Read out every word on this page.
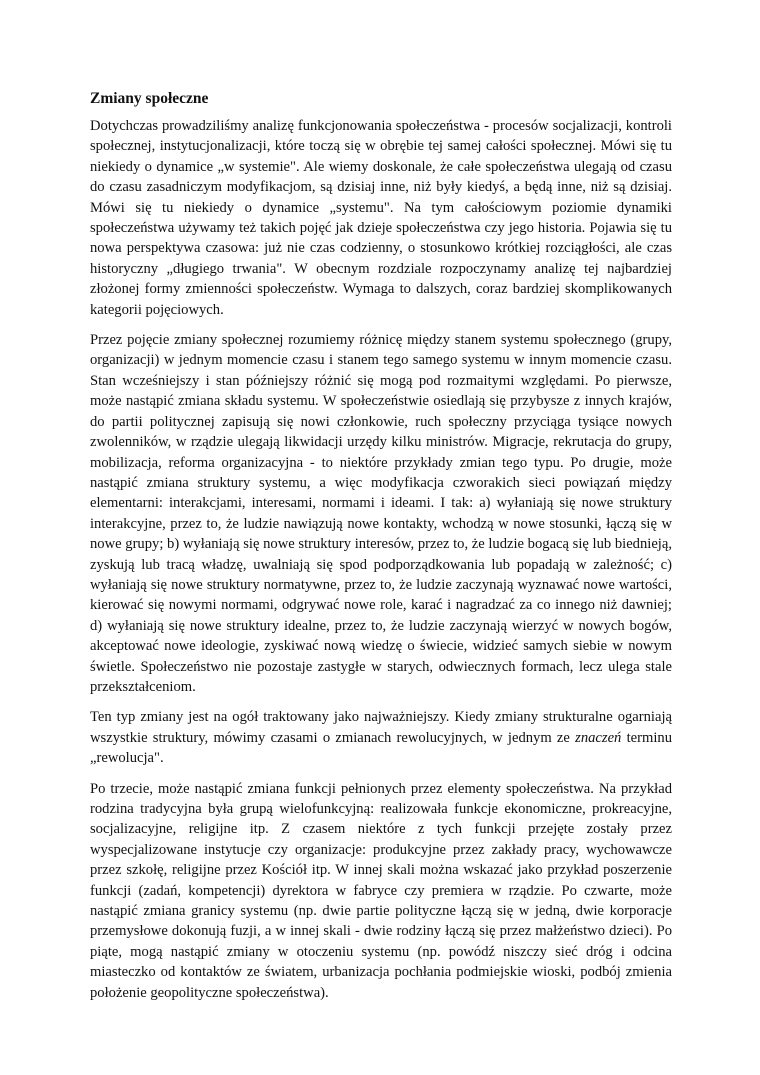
Zmiany społeczne

Dotychczas prowadziliśmy analizę funkcjonowania społeczeństwa - procesów socjalizacji, kontroli społecznej, instytucjonalizacji, które toczą się w obrębie tej samej całości społecznej. Mówi się tu niekiedy o dynamice „w systemie". Ale wiemy doskonale, że całe społeczeństwa ulegają od czasu do czasu zasadniczym modyfikacjom, są dzisiaj inne, niż były kiedyś, a będą inne, niż są dzisiaj. Mówi się tu niekiedy o dynamice „systemu". Na tym całościowym poziomie dynamiki społeczeństwa używamy też takich pojęć jak dzieje społeczeństwa czy jego historia. Pojawia się tu nowa perspektywa czasowa: już nie czas codzienny, o stosunkowo krótkiej rozciągłości, ale czas historyczny „długiego trwania". W obecnym rozdziale rozpoczynamy analizę tej najbardziej złożonej formy zmienności społeczeństw. Wymaga to dalszych, coraz bardziej skomplikowanych kategorii pojęciowych.

Przez pojęcie zmiany społecznej rozumiemy różnicę między stanem systemu społecznego (grupy, organizacji) w jednym momencie czasu i stanem tego samego systemu w innym momencie czasu. Stan wcześniejszy i stan późniejszy różnić się mogą pod rozmaitymi względami. Po pierwsze, może nastąpić zmiana składu systemu. W społeczeństwie osiedlają się przybysze z innych krajów, do partii politycznej zapisują się nowi członkowie, ruch społeczny przyciąga tysiące nowych zwolenników, w rządzie ulegają likwidacji urzędy kilku ministrów. Migracje, rekrutacja do grupy, mobilizacja, reforma organizacyjna - to niektóre przykłady zmian tego typu. Po drugie, może nastąpić zmiana struktury systemu, a więc modyfikacja czworakich sieci powiązań między elementarni: interakcjami, interesami, normami i ideami. I tak: a) wyłaniają się nowe struktury interakcyjne, przez to, że ludzie nawiązują nowe kontakty, wchodzą w nowe stosunki, łączą się w nowe grupy; b) wyłaniają się nowe struktury interesów, przez to, że ludzie bogacą się lub biednieją, zyskują lub tracą władzę, uwalniają się spod podporządkowania lub popadają w zależność; c) wyłaniają się nowe struktury normatywne, przez to, że ludzie zaczynają wyznawać nowe wartości, kierować się nowymi normami, odgrywać nowe role, karać i nagradzać za co innego niż dawniej; d) wyłaniają się nowe struktury idealne, przez to, że ludzie zaczynają wierzyć w nowych bogów, akceptować nowe ideologie, zyskiwać nową wiedzę o świecie, widzieć samych siebie w nowym świetle. Społeczeństwo nie pozostaje zastygłe w starych, odwiecznych formach, lecz ulega stale przekształceniom.

Ten typ zmiany jest na ogół traktowany jako najważniejszy. Kiedy zmiany strukturalne ogarniają wszystkie struktury, mówimy czasami o zmianach rewolucyjnych, w jednym ze znaczeń terminu „rewolucja".

Po trzecie, może nastąpić zmiana funkcji pełnionych przez elementy społeczeństwa. Na przykład rodzina tradycyjna była grupą wielofunkcyjną: realizowała funkcje ekonomiczne, prokreacyjne, socjalizacyjne, religijne itp. Z czasem niektóre z tych funkcji przejęte zostały przez wyspecjalizowane instytucje czy organizacje: produkcyjne przez zakłady pracy, wychowawcze przez szkołę, religijne przez Kościół itp. W innej skali można wskazać jako przykład poszerzenie funkcji (zadań, kompetencji) dyrektora w fabryce czy premiera w rządzie. Po czwarte, może nastąpić zmiana granicy systemu (np. dwie partie polityczne łączą się w jedną, dwie korporacje przemysłowe dokonują fuzji, a w innej skali - dwie rodziny łączą się przez małżeństwo dzieci). Po piąte, mogą nastąpić zmiany w otoczeniu systemu (np. powódź niszczy sieć dróg i odcina miasteczko od kontaktów ze światem, urbanizacja pochłania podmiejskie wioski, podbój zmienia położenie geopolityczne społeczeństwa).
